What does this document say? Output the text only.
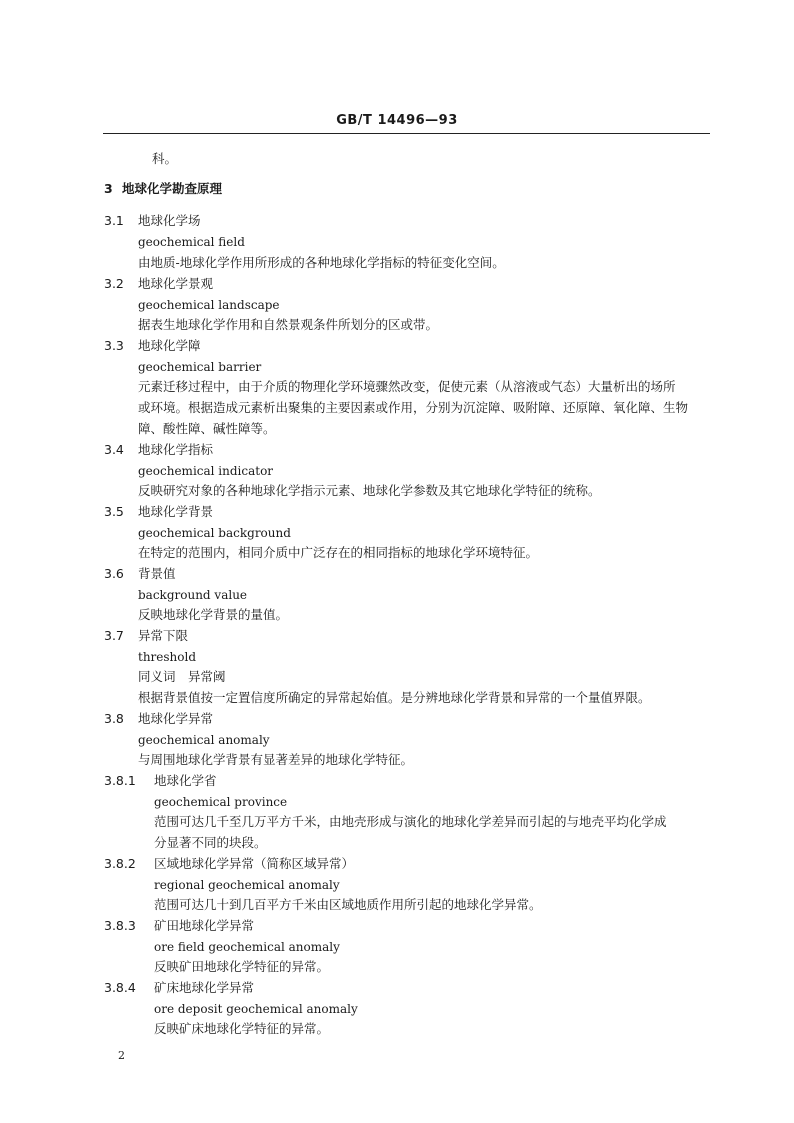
GB/T 14496—93
科。
3 地球化学勘查原理
3.1 地球化学场
geochemical field
由地质-地球化学作用所形成的各种地球化学指标的特征变化空间。
3.2 地球化学景观
geochemical landscape
据表生地球化学作用和自然景观条件所划分的区或带。
3.3 地球化学障
geochemical barrier
元素迁移过程中，由于介质的物理化学环境骤然改变，促使元素（从溶液或气态）大量析出的场所
或环境。根据造成元素析出聚集的主要因素或作用，分别为沉淀障、吸附障、还原障、氧化障、生物
障、酸性障、碱性障等。
3.4 地球化学指标
geochemical indicator
反映研究对象的各种地球化学指示元素、地球化学参数及其它地球化学特征的统称。
3.5 地球化学背景
geochemical background
在特定的范围内，相同介质中广泛存在的相同指标的地球化学环境特征。
3.6 背景值
background value
反映地球化学背景的量值。
3.7 异常下限
threshold
同义词　异常阈
根据背景值按一定置信度所确定的异常起始值。是分辨地球化学背景和异常的一个量值界限。
3.8 地球化学异常
geochemical anomaly
与周围地球化学背景有显著差异的地球化学特征。
3.8.1 地球化学省
geochemical province
范围可达几千至几万平方千米，由地壳形成与演化的地球化学差异而引起的与地壳平均化学成
分显著不同的块段。
3.8.2 区域地球化学异常（简称区域异常）
regional geochemical anomaly
范围可达几十到几百平方千米由区域地质作用所引起的地球化学异常。
3.8.3 矿田地球化学异常
ore field geochemical anomaly
反映矿田地球化学特征的异常。
3.8.4 矿床地球化学异常
ore deposit geochemical anomaly
反映矿床地球化学特征的异常。
2
